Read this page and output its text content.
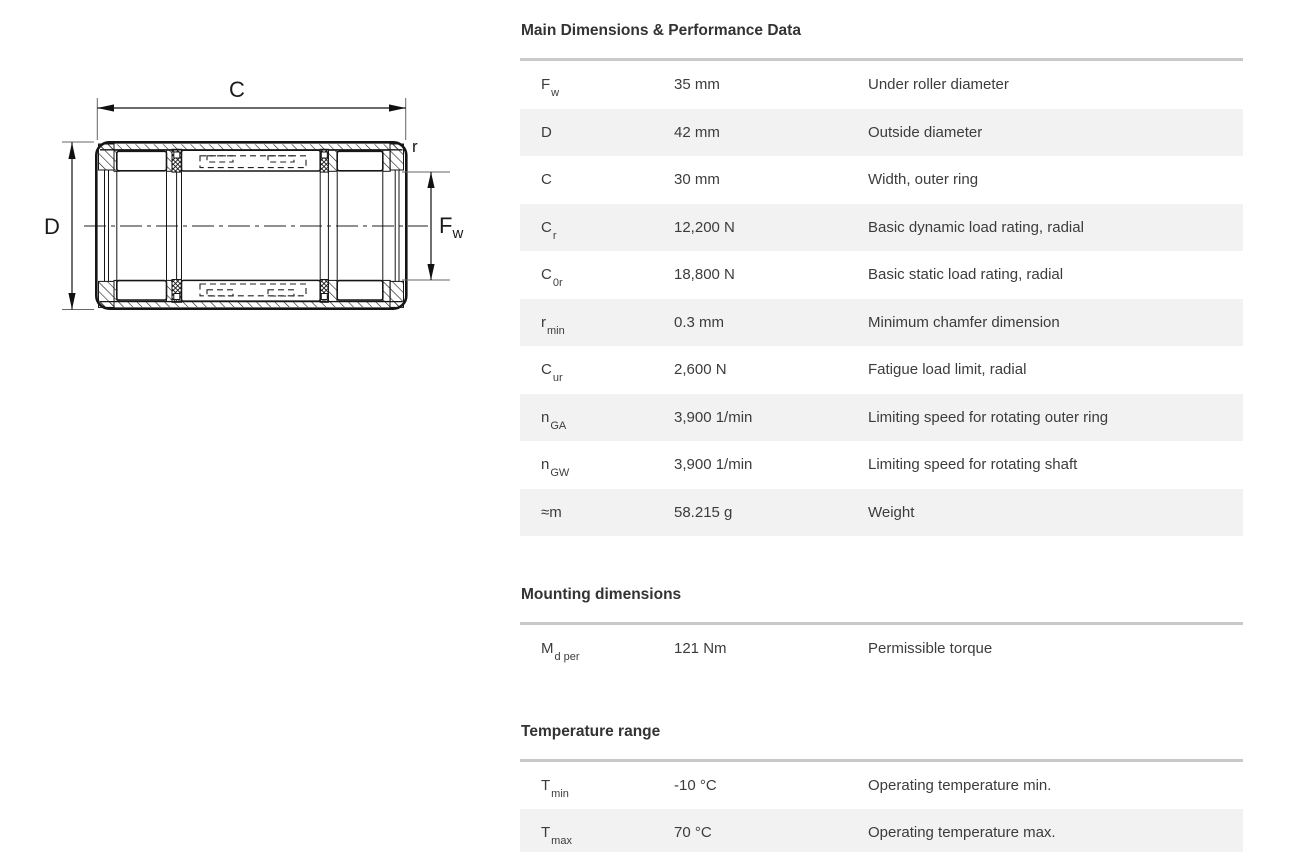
C
D	$F_w$
r
Main Dimensions & Performance Data
$F_w$	35 mm	Under roller diameter
D	42 mm	Outside diameter
C	30 mm	Width, outer ring
$C_r$	12,200 N	Basic dynamic load rating, radial
$C_{0r}$	18,800 N	Basic static load rating, radial
$r_{min}$	0.3 mm	Minimum chamfer dimension
$C_{ur}$	2,600 N	Fatigue load limit, radial
$n_{GA}$	3,900 1/min	Limiting speed for rotating outer ring
$n_{GW}$	3,900 1/min	Limiting speed for rotating shaft
≈m	58.215 g	Weight
Mounting dimensions
$M_{d per}$	121 Nm	Permissible torque
Temperature range
$T_{min}$	-10 °C	Operating temperature min.
$T_{max}$	70 °C	Operating temperature max.
